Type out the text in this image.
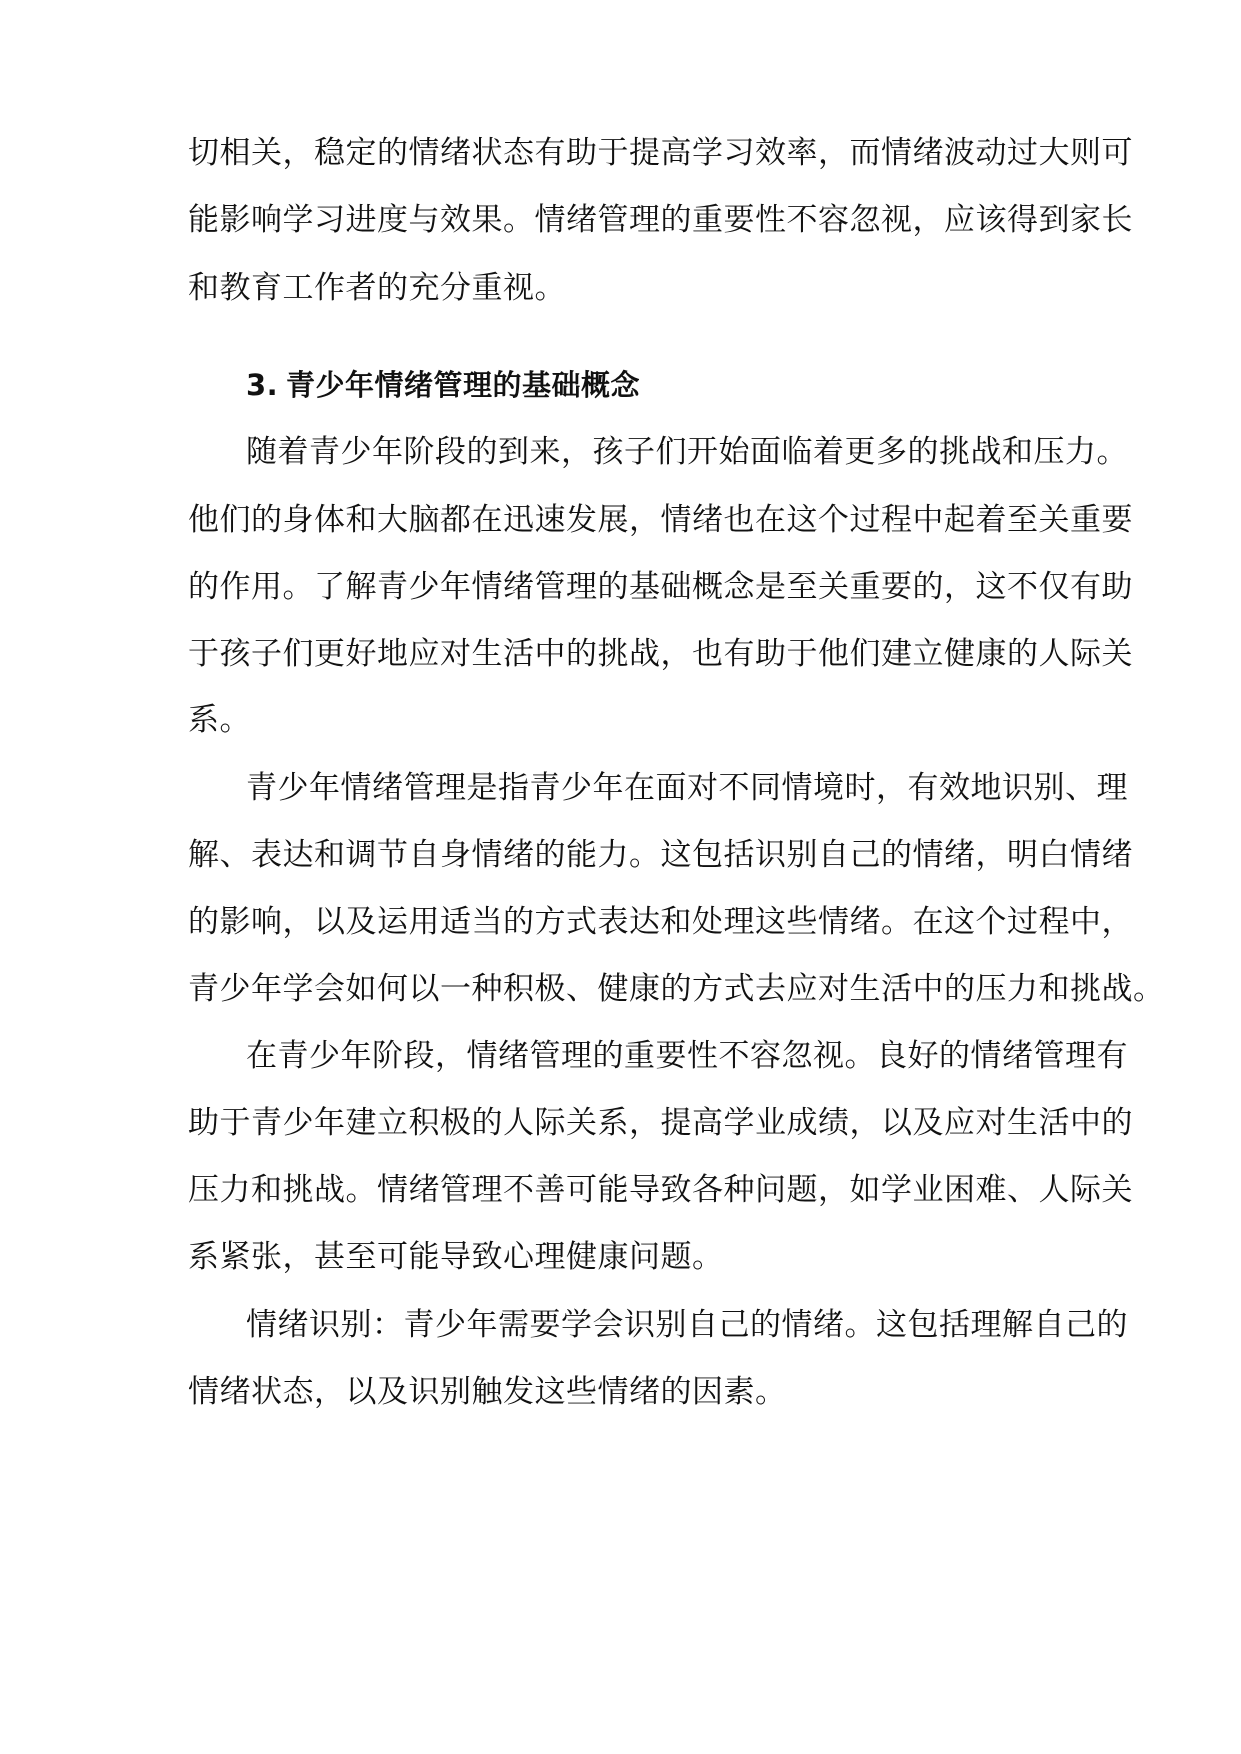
切相关，稳定的情绪状态有助于提高学习效率，而情绪波动过大则可
能影响学习进度与效果。情绪管理的重要性不容忽视，应该得到家长
和教育工作者的充分重视。
3. 青少年情绪管理的基础概念
随着青少年阶段的到来，孩子们开始面临着更多的挑战和压力。
他们的身体和大脑都在迅速发展，情绪也在这个过程中起着至关重要
的作用。了解青少年情绪管理的基础概念是至关重要的，这不仅有助
于孩子们更好地应对生活中的挑战，也有助于他们建立健康的人际关
系。
青少年情绪管理是指青少年在面对不同情境时，有效地识别、理
解、表达和调节自身情绪的能力。这包括识别自己的情绪，明白情绪
的影响，以及运用适当的方式表达和处理这些情绪。在这个过程中，
青少年学会如何以一种积极、健康的方式去应对生活中的压力和挑战。
在青少年阶段，情绪管理的重要性不容忽视。良好的情绪管理有
助于青少年建立积极的人际关系，提高学业成绩，以及应对生活中的
压力和挑战。情绪管理不善可能导致各种问题，如学业困难、人际关
系紧张，甚至可能导致心理健康问题。
情绪识别：青少年需要学会识别自己的情绪。这包括理解自己的
情绪状态，以及识别触发这些情绪的因素。
